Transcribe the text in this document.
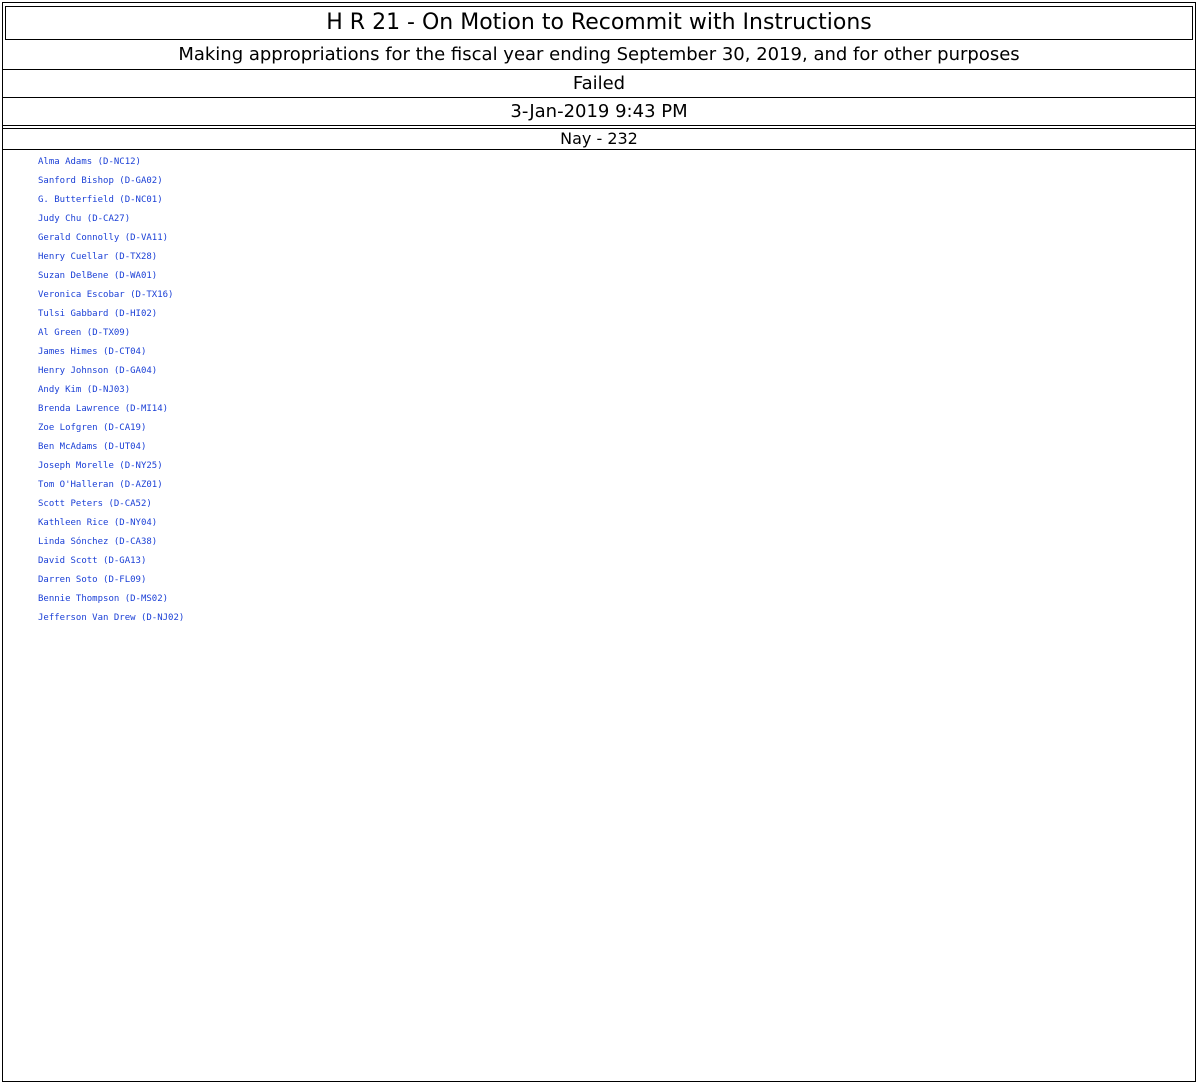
H R 21 - On Motion to Recommit with Instructions
Making appropriations for the fiscal year ending September 30, 2019, and for other purposes
Failed
3-Jan-2019 9:43 PM
Nay - 232
Alma Adams (D-NC12)
Sanford Bishop (D-GA02)
G. Butterfield (D-NC01)
Judy Chu (D-CA27)
Gerald Connolly (D-VA11)
Henry Cuellar (D-TX28)
Suzan DelBene (D-WA01)
Veronica Escobar (D-TX16)
Tulsi Gabbard (D-HI02)
Al Green (D-TX09)
James Himes (D-CT04)
Henry Johnson (D-GA04)
Andy Kim (D-NJ03)
Brenda Lawrence (D-MI14)
Zoe Lofgren (D-CA19)
Ben McAdams (D-UT04)
Joseph Morelle (D-NY25)
Tom O'Halleran (D-AZ01)
Scott Peters (D-CA52)
Kathleen Rice (D-NY04)
Linda Sónchez (D-CA38)
David Scott (D-GA13)
Darren Soto (D-FL09)
Bennie Thompson (D-MS02)
Jefferson Van Drew (D-NJ02)
